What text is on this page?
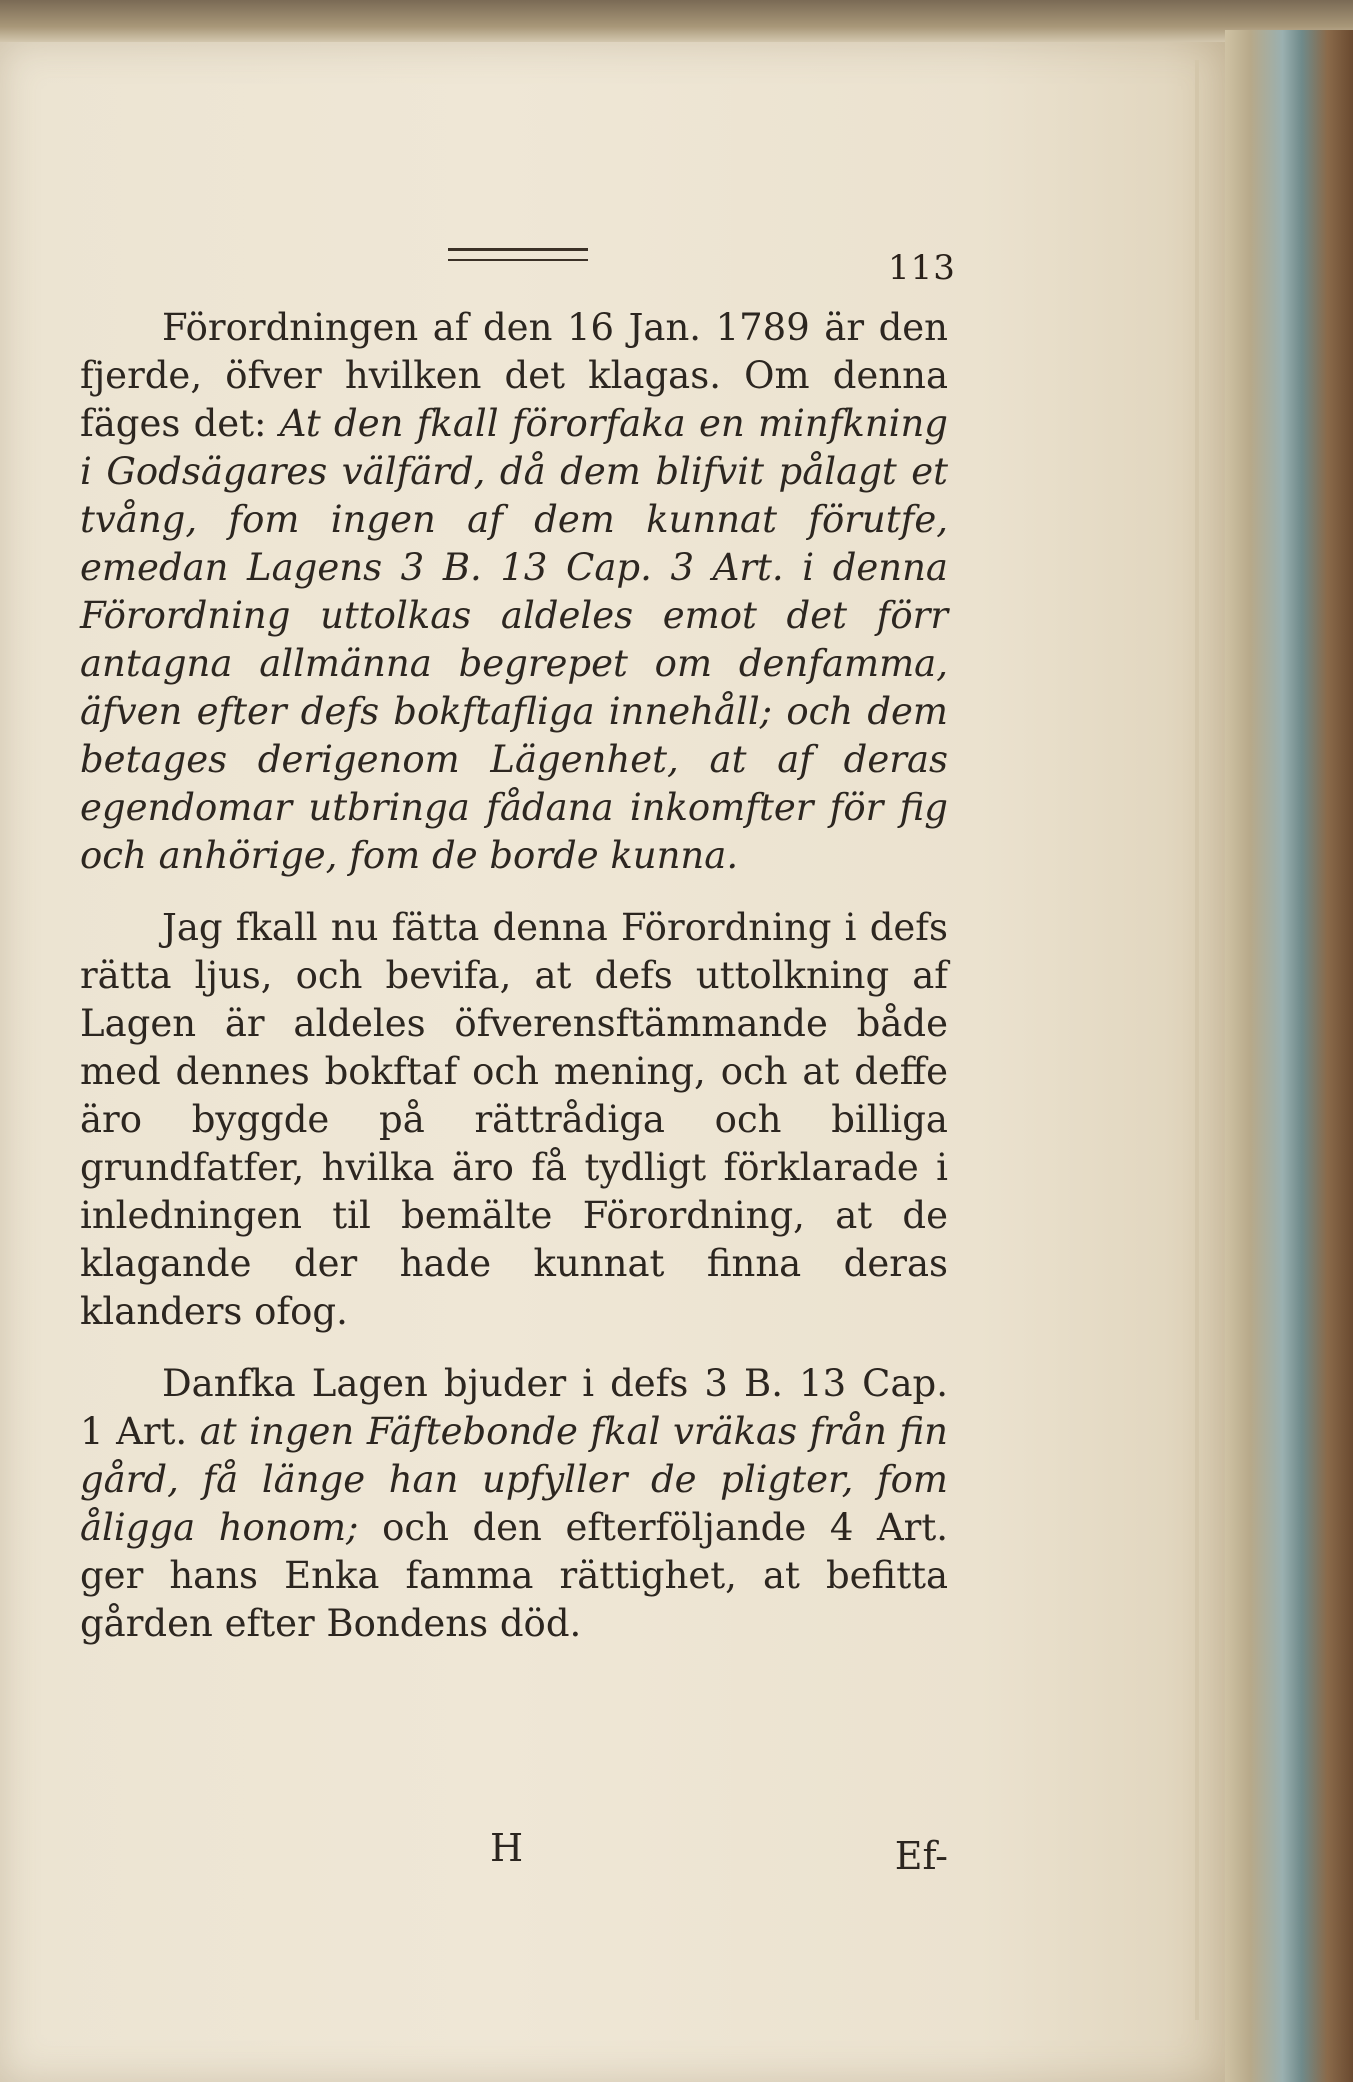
113

Förordningen af den 16 Jan. 1789 är den fjerde, öfver hvilken det klagas. Om denna fäges det: At den fkall förorfaka en minfkning i Godsägares välfärd, då dem blifvit pålagt et tvång, fom ingen af dem kunnat förutfe, emedan Lagens 3 B. 13 Cap. 3 Art. i denna Förordning uttolkas aldeles emot det förr antagna allmänna begrepet om denfamma, äfven efter defs bokftafliga innehåll; och dem betages derigenom Lägenhet, at af deras egendomar utbringa fådana inkomfter för fig och anhörige, fom de borde kunna.

Jag fkall nu fätta denna Förordning i defs rätta ljus, och bevifa, at defs uttolkning af Lagen är aldeles öfverensftämmande både med dennes bokftaf och mening, och at deffe äro byggde på rättrådiga och billiga grundfatfer, hvilka äro få tydligt förklarade i inledningen til bemälte Förordning, at de klagande der hade kunnat finna deras klanders ofog.

Danfka Lagen bjuder i defs 3 B. 13 Cap. 1 Art. at ingen Fäftebonde fkal vräkas från fin gård, få länge han upfyller de pligter, fom åligga honom; och den efterföljande 4 Art. ger hans Enka famma rättighet, at befitta gården efter Bondens död.

H	Ef-
